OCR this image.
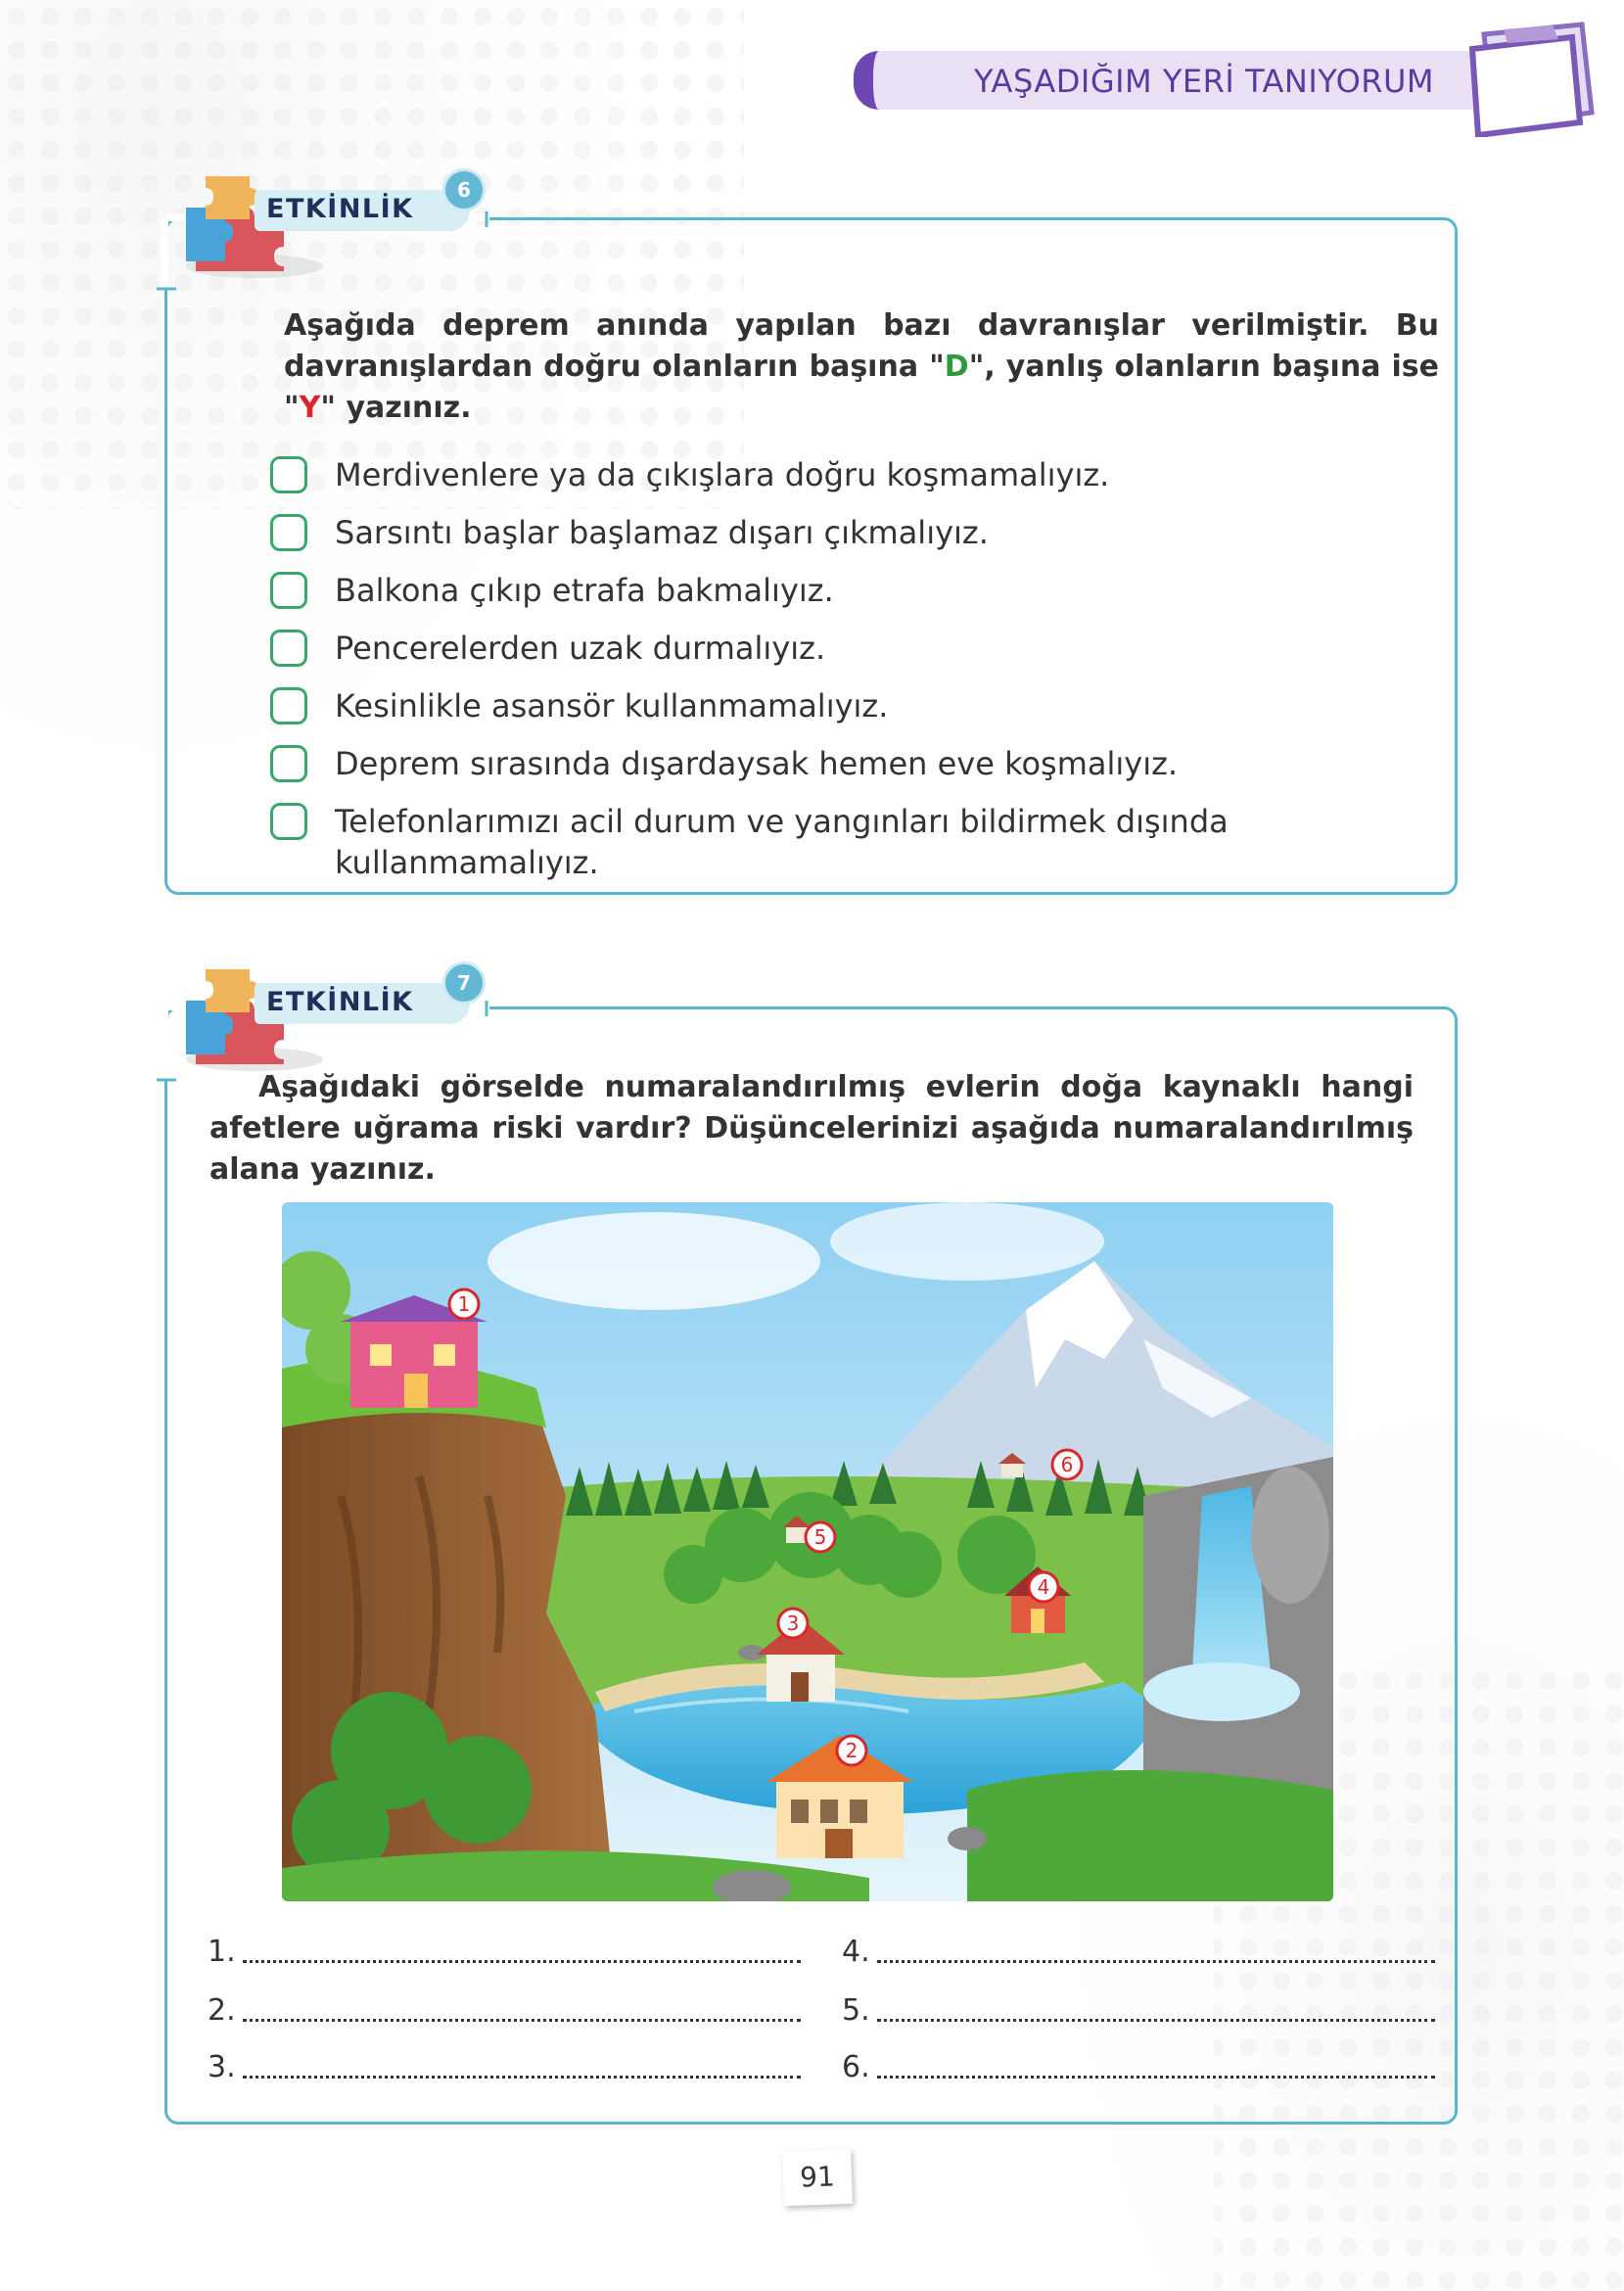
YAŞADIĞIM YERİ TANIYORUM
ETKİNLİK
6
Aşağıda deprem anında yapılan bazı davranışlar verilmiştir. Bu davranışlardan doğru olanların başına "D", yanlış olanların başına ise "Y" yazınız.
Merdivenlere ya da çıkışlara doğru koşmamalıyız.
Sarsıntı başlar başlamaz dışarı çıkmalıyız.
Balkona çıkıp etrafa bakmalıyız.
Pencerelerden uzak durmalıyız.
Kesinlikle asansör kullanmamalıyız.
Deprem sırasında dışardaysak hemen eve koşmalıyız.
Telefonlarımızı acil durum ve yangınları bildirmek dışında kullanmamalıyız.
ETKİNLİK
7
Aşağıdaki görselde numaralandırılmış evlerin doğa kaynaklı hangi afetlere uğrama riski vardır? Düşüncelerinizi aşağıda numaralandırılmış alana yazınız.
1
2
3
4
5
6
1.
2.
3.
4.
5.
6.
91
